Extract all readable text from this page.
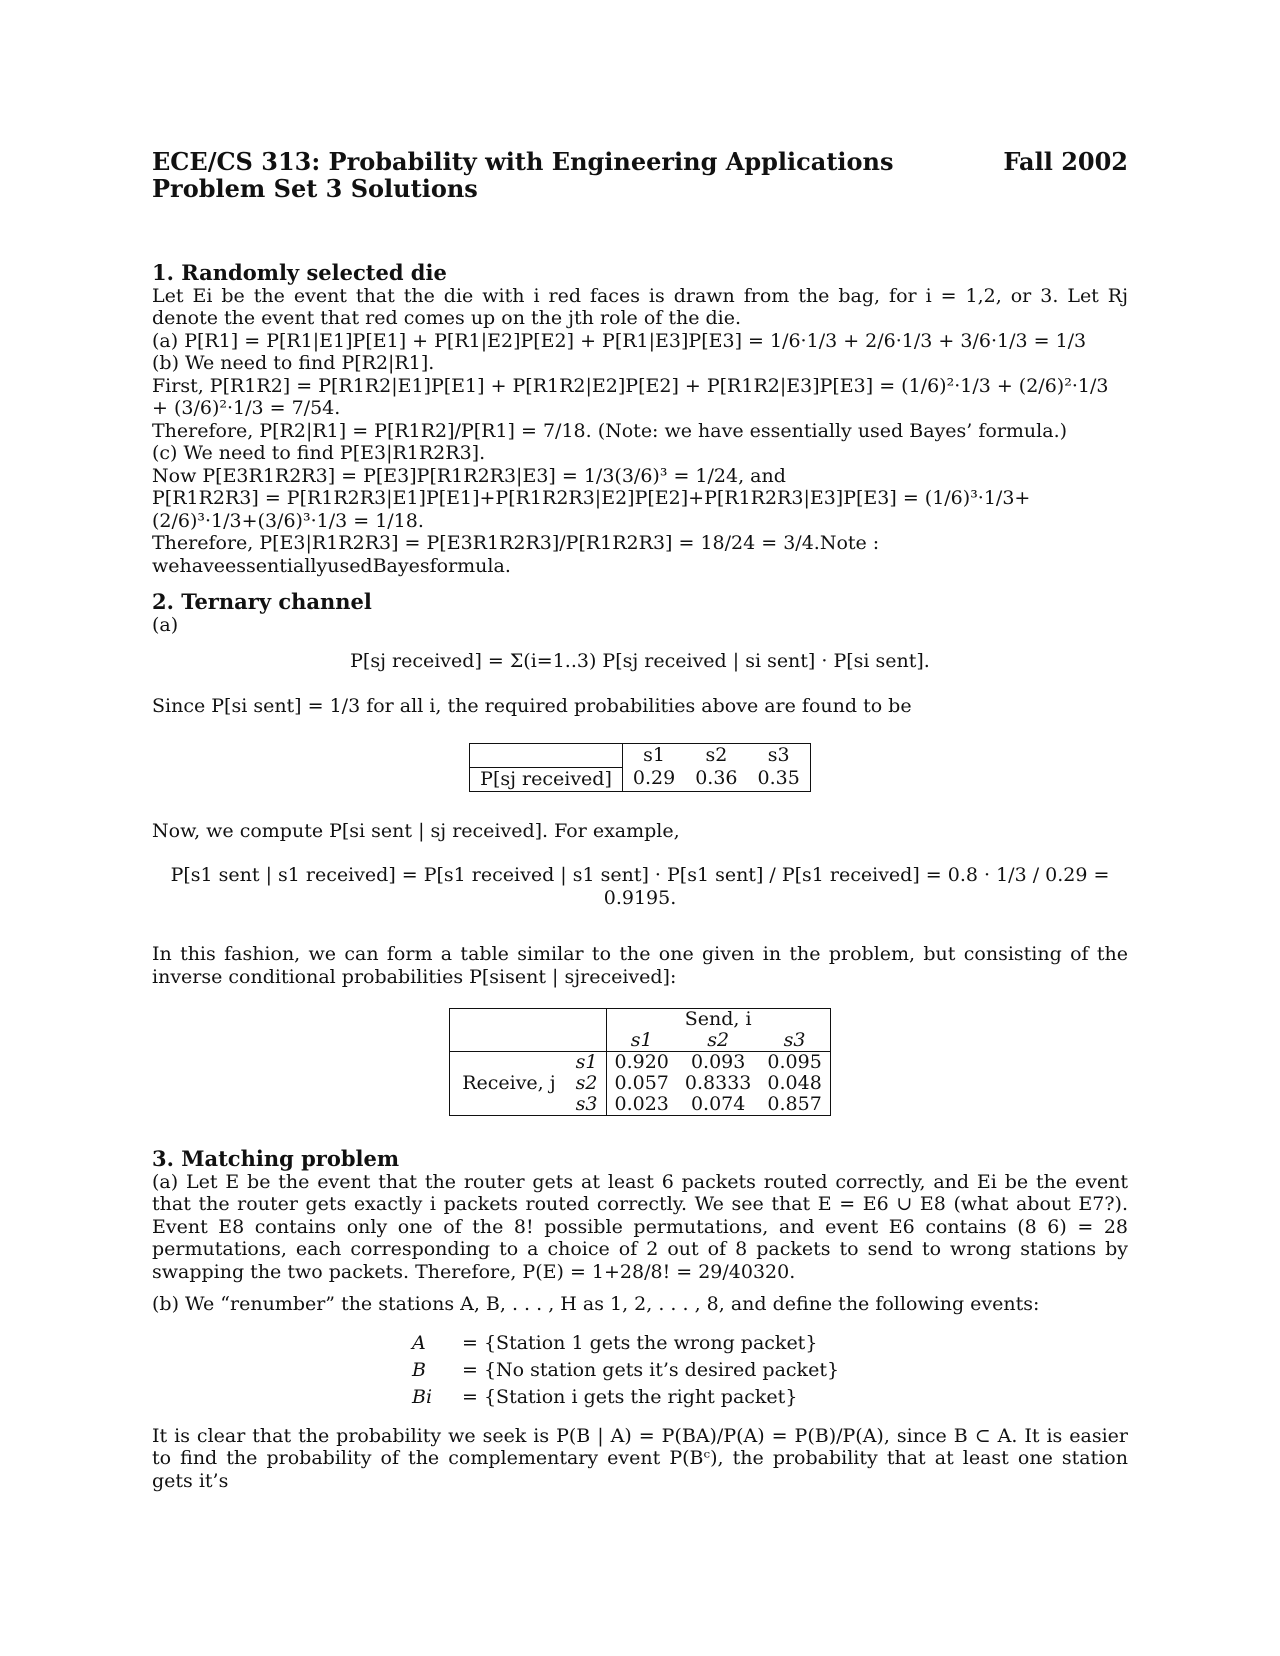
ECE/CS 313: Probability with Engineering Applications	Fall 2002
Problem Set 3 Solutions
1. Randomly selected die

Let Ei be the event that the die with i red faces is drawn from the bag, for i = 1,2, or 3. Let Rj denote the event that red comes up on the jth role of the die.

(a) P[R1] = P[R1|E1]P[E1] + P[R1|E2]P[E2] + P[R1|E3]P[E3] = 1/6·1/3 + 2/6·1/3 + 3/6·1/3 = 1/3

(b) We need to find P[R2|R1].

First, P[R1R2] = P[R1R2|E1]P[E1] + P[R1R2|E2]P[E2] + P[R1R2|E3]P[E3] = (1/6)²·1/3 + (2/6)²·1/3 + (3/6)²·1/3 = 7/54.

Therefore, P[R2|R1] = P[R1R2]/P[R1] = 7/18. (Note: we have essentially used Bayes’ formula.)

(c) We need to find P[E3|R1R2R3].

Now P[E3R1R2R3] = P[E3]P[R1R2R3|E3] = 1/3(3/6)³ = 1/24, and

P[R1R2R3] = P[R1R2R3|E1]P[E1]+P[R1R2R3|E2]P[E2]+P[R1R2R3|E3]P[E3] = (1/6)³·1/3+(2/6)³·1/3+(3/6)³·1/3 = 1/18.

Therefore, P[E3|R1R2R3] = P[E3R1R2R3]/P[R1R2R3] = 18/24 = 3/4.Note : wehaveessentiallyusedBayesformula.

2. Ternary channel

(a)

P[sj received] = Σ(i=1..3) P[sj received | si sent] · P[si sent].

Since P[si sent] = 1/3 for all i, the required probabilities above are found to be

	s1	s2	s3
P[sj received]	0.29	0.36	0.35

Now, we compute P[si sent | sj received]. For example,

P[s1 sent | s1 received] = P[s1 received | s1 sent] · P[s1 sent] / P[s1 received] = 0.8 · 1/3 / 0.29 = 0.9195.

In this fashion, we can form a table similar to the one given in the problem, but consisting of the inverse conditional probabilities P[sisent | sjreceived]:

		Send, i		
		s1	s2	s3
Receive, j	s1	0.920	0.093	0.095
	s2	0.057	0.8333	0.048
	s3	0.023	0.074	0.857
3. Matching problem

(a) Let E be the event that the router gets at least 6 packets routed correctly, and Ei be the event that the router gets exactly i packets routed correctly. We see that E = E6 ∪ E8 (what about E7?). Event E8 contains only one of the 8! possible permutations, and event E6 contains (8 6) = 28 permutations, each corresponding to a choice of 2 out of 8 packets to send to wrong stations by swapping the two packets. Therefore, P(E) = 1+28/8! = 29/40320.

(b) We “renumber” the stations A, B, . . . , H as 1, 2, . . . , 8, and define the following events:

A = {Station 1 gets the wrong packet}
B = {No station gets it’s desired packet}
Bi = {Station i gets the right packet}

It is clear that the probability we seek is P(B | A) = P(BA)/P(A) = P(B)/P(A), since B ⊂ A. It is easier to find the probability of the complementary event P(Bᶜ), the probability that at least one station gets it’s
